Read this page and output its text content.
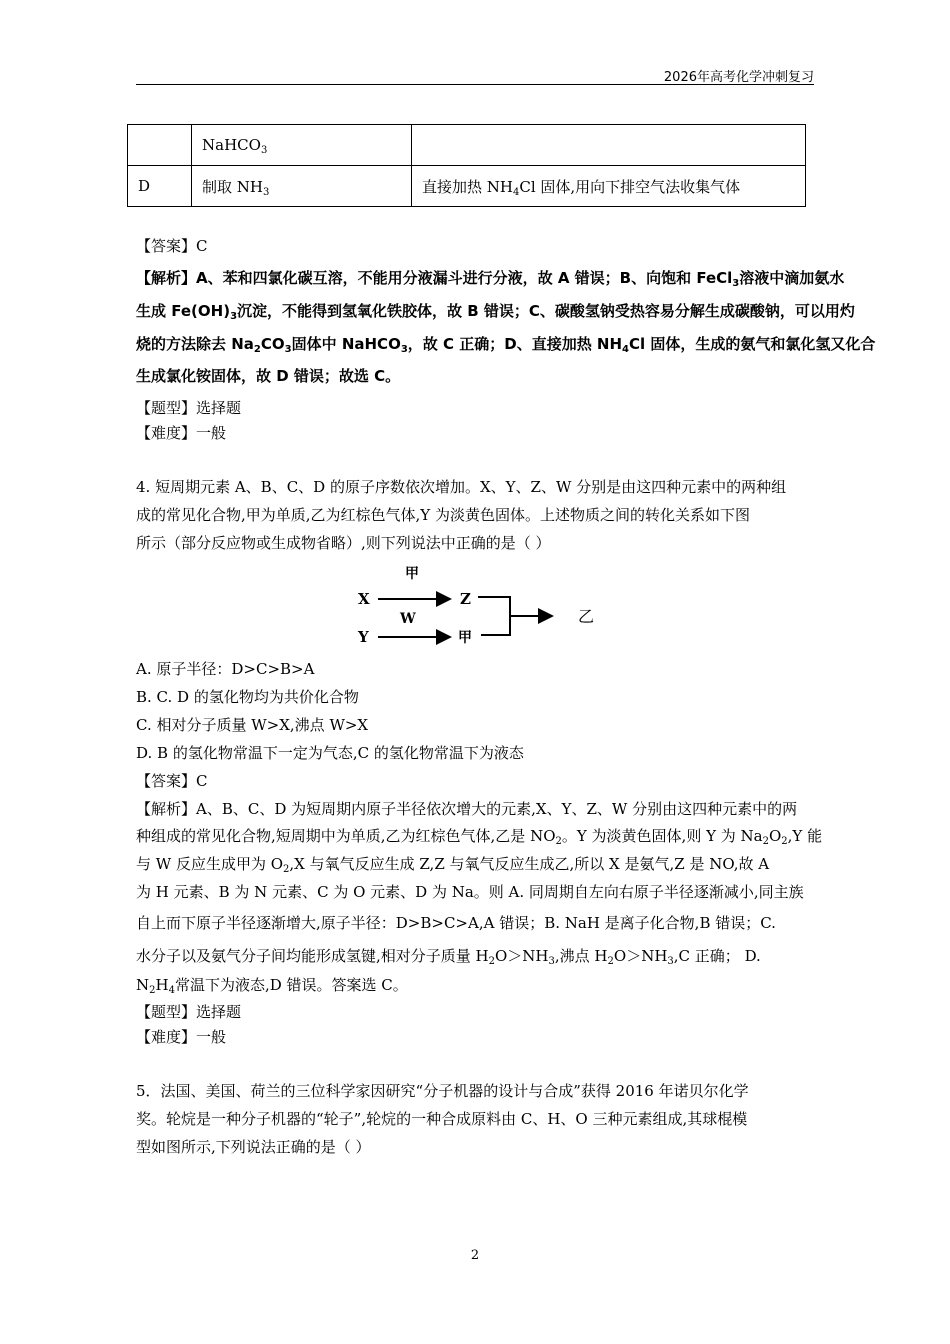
2026年高考化学冲刺复习
	NaHCO$_3$	
D	制取 $NH_3$	直接加热 $NH_4Cl$ 固体,用向下排空气法收集气体
【答案】C
【解析】A、苯和四氯化碳互溶，不能用分液漏斗进行分液，故 A 错误；B、向饱和 FeCl$_3$溶液中滴加氨水
生成 $Fe(OH)_3$沉淀，不能得到氢氧化铁胶体，故 B 错误；C、碳酸氢钠受热容易分解生成碳酸钠，可以用灼
烧的方法除去 $Na_2CO_3$固体中 NaHCO$_3$，故 C 正确；D、直接加热 $NH_4Cl$ 固体，生成的氨气和氯化氢又化合
生成氯化铵固体，故 D 错误；故选 C。
【题型】选择题
【难度】一般
4. 短周期元素 A、B、C、D 的原子序数依次增加。X、Y、Z、W 分别是由这四种元素中的两种组
成的常见化合物,甲为单质,乙为红棕色气体,Y 为淡黄色固体。上述物质之间的转化关系如下图
所示（部分反应物或生成物省略）,则下列说法中正确的是（ ）
甲
X	Z
W
Y	甲
乙
A. 原子半径：D>C>B>A
B. C. D 的氢化物均为共价化合物
C. 相对分子质量 W>X,沸点 W>X
D. B 的氢化物常温下一定为气态,C 的氢化物常温下为液态
【答案】C
【解析】A、B、C、D 为短周期内原子半径依次增大的元素,X、Y、Z、W 分别由这四种元素中的两
种组成的常见化合物,短周期中为单质,乙为红棕色气体,乙是 $NO_2$。Y 为淡黄色固体,则 Y 为 $Na_2O_2,Y$ 能
与 W 反应生成甲为 $O_2,X$ 与氧气反应生成 Z,Z 与氧气反应生成乙,所以 X 是氨气,Z 是 NO,故 A
为 H 元素、B 为 N 元素、C 为 O 元素、D 为 Na。则 A. 同周期自左向右原子半径逐渐减小,同主族
自上而下原子半径逐渐增大,原子半径：D>B>C>A,A 错误；B. NaH 是离子化合物,B 错误；C.
水分子以及氨气分子间均能形成氢键,相对分子质量 $H_2O>NH_3$,沸点 $H_2O>NH_3,C$ 正确； D.
$N_2H_4$常温下为液态,D 错误。答案选 C。
【题型】选择题
【难度】一般
5．法国、美国、荷兰的三位科学家因研究“分子机器的设计与合成”获得 2016 年诺贝尔化学
奖。轮烷是一种分子机器的“轮子”,轮烷的一种合成原料由 C、H、O 三种元素组成,其球棍模
型如图所示,下列说法正确的是（ ）
2
